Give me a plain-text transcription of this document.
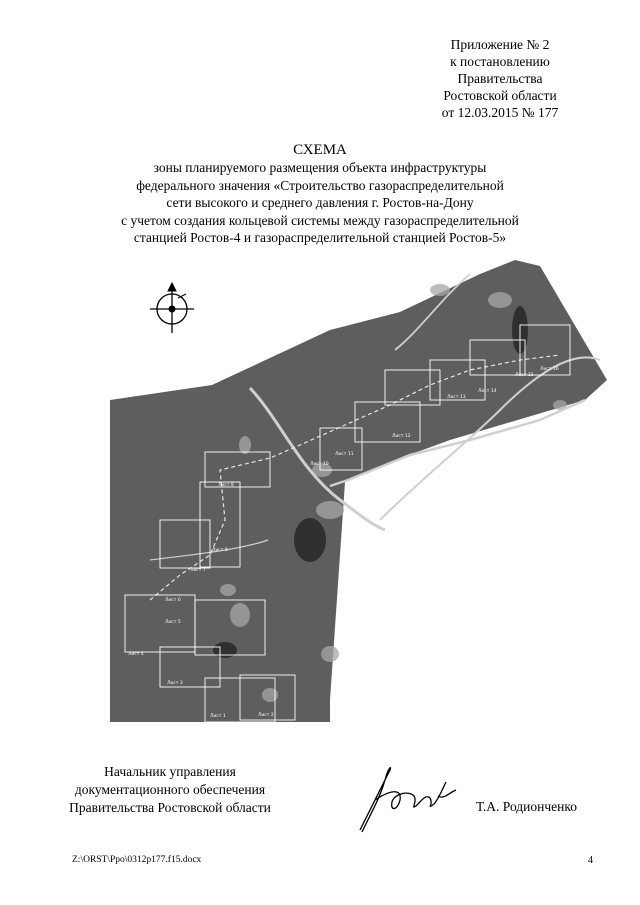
Приложение № 2
к постановлению
Правительства
Ростовской области
от 12.03.2015 № 177
СХЕМА
зоны планируемого размещения объекта инфраструктуры
федерального значения «Строительство газораспределительной
сети высокого и среднего давления г. Ростов-на-Дону
с учетом создания кольцевой системы между газораспределительной
станцией Ростов-4 и газораспределительной станцией Ростов-5»
Лист 1	Лист 2
Лист 3
Лист 4
Лист 5
Лист 6
Лист 7
Лист 8
Лист 9
Лист 10
Лист 11
Лист 12
Лист 13
Лист 14
Лист 15
Лист 16
Начальник управления
документационного обеспечения
Правительства Ростовской области	Т.А. Родионченко
Z:\ORST\Ppo\0312p177.f15.docx	4
